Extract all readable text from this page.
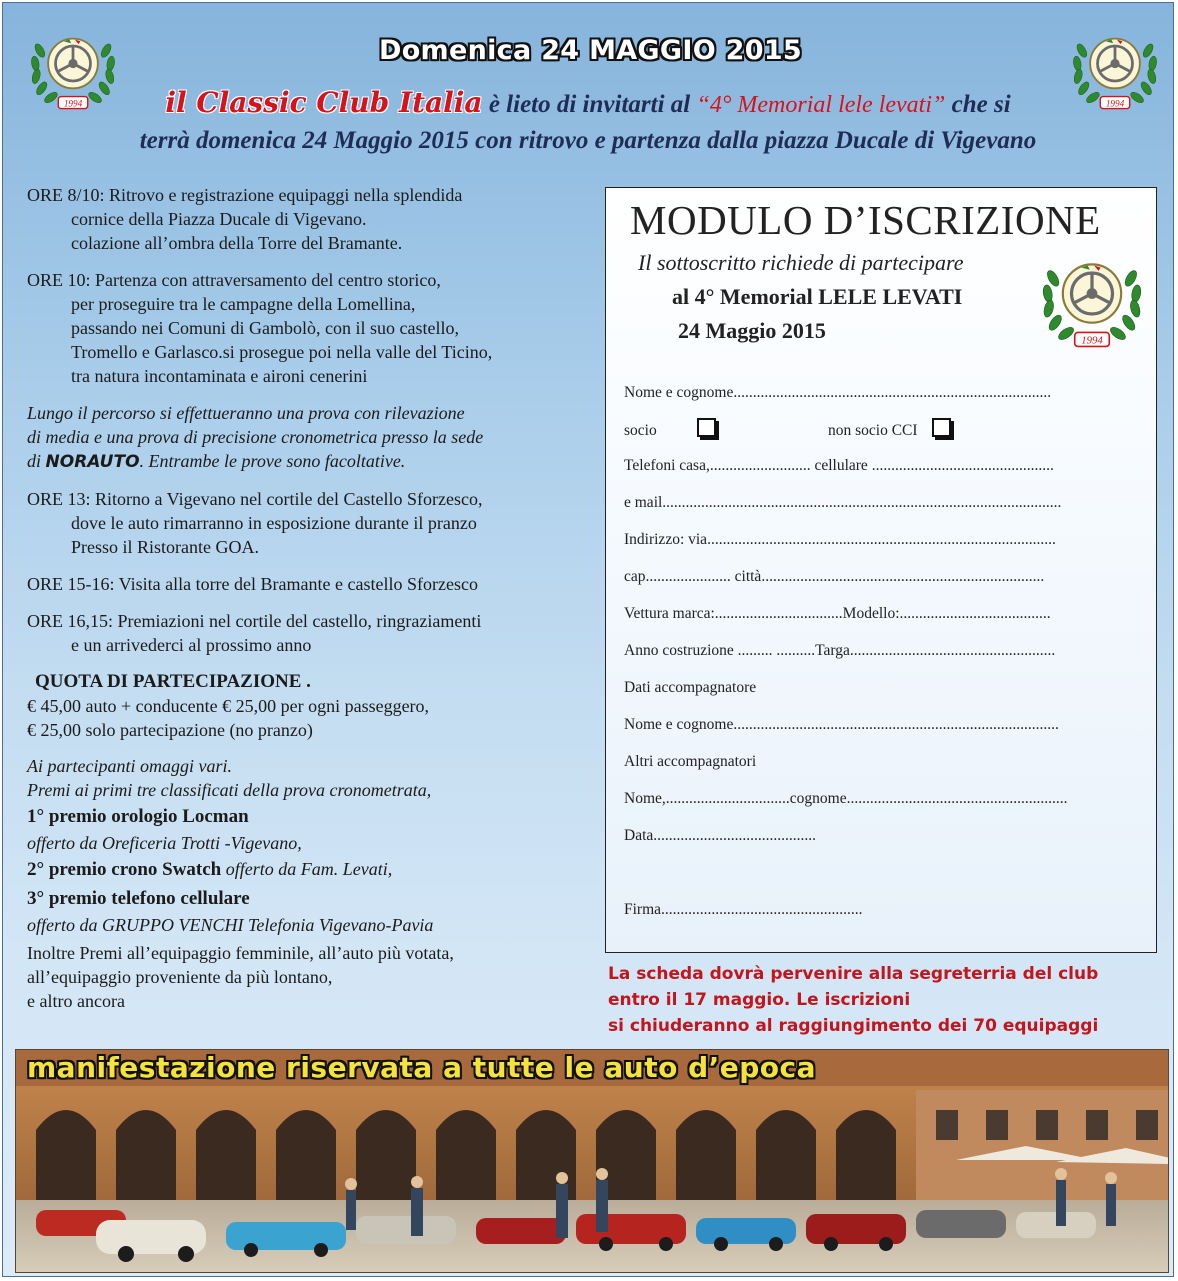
1994	1994
Domenica 24 MAGGIO 2015
il Classic Club Italia è lieto di invitarti al “4° Memorial lele levati” che si
terrà domenica 24 Maggio 2015 con ritrovo e partenza dalla piazza Ducale di Vigevano

ORE 8/10: Ritrovo e registrazione equipaggi nella splendida
cornice della Piazza Ducale di Vigevano.
colazione all’ombra della Torre del Bramante.

ORE 10: Partenza con attraversamento del centro storico,
per proseguire tra le campagne della Lomellina,
passando nei Comuni di Gambolò, con il suo castello,
Tromello e Garlasco.si prosegue poi nella valle del Ticino,
tra natura incontaminata e aironi cenerini

Lungo il percorso si effettueranno una prova con rilevazione
di media e una prova di precisione cronometrica presso la sede
di NORAUTO. Entrambe le prove sono facoltative.

ORE 13: Ritorno a Vigevano nel cortile del Castello Sforzesco,
dove le auto rimarranno in esposizione durante il pranzo
Presso il Ristorante GOA.

ORE 15-16: Visita alla torre del Bramante e castello Sforzesco

ORE 16,15: Premiazioni nel cortile del castello, ringraziamenti
e un arrivederci al prossimo anno

QUOTA DI PARTECIPAZIONE .

€ 45,00 auto + conducente € 25,00 per ogni passeggero,

€ 25,00 solo partecipazione (no pranzo)

Ai partecipanti omaggi vari.

Premi ai primi tre classificati della prova cronometrata,

1° premio orologio Locman

offerto da Oreficeria Trotti -Vigevano,

2° premio crono Swatch offerto da Fam. Levati,

3° premio telefono cellulare

offerto da GRUPPO VENCHI Telefonia Vigevano-Pavia

Inoltre Premi all’equipaggio femminile, all’auto più votata,

all’equipaggio proveniente da più lontano,

e altro ancora

MODULO D’ISCRIZIONE
Il sottoscritto richiede di partecipare
al 4° Memorial LELE LEVATI
24 Maggio 2015	1994
Nome e cognome..................................................................................
socio	non socio CCI
Telefoni casa,.......................... cellulare ...............................................
e mail.......................................................................................................
Indirizzo: via..........................................................................................
cap...................... città.........................................................................
Vettura marca:.................................Modello:.......................................
Anno costruzione ......... ..........Targa.....................................................
Dati accompagnatore
Nome e cognome....................................................................................
Altri accompagnatori
Nome,................................cognome.........................................................
Data..........................................
Firma....................................................
La scheda dovrà pervenire alla segreterria del club
entro il 17 maggio. Le iscrizioni
si chiuderanno al raggiungimento dei 70 equipaggi
manifestazione riservata a tutte le auto d’epoca
